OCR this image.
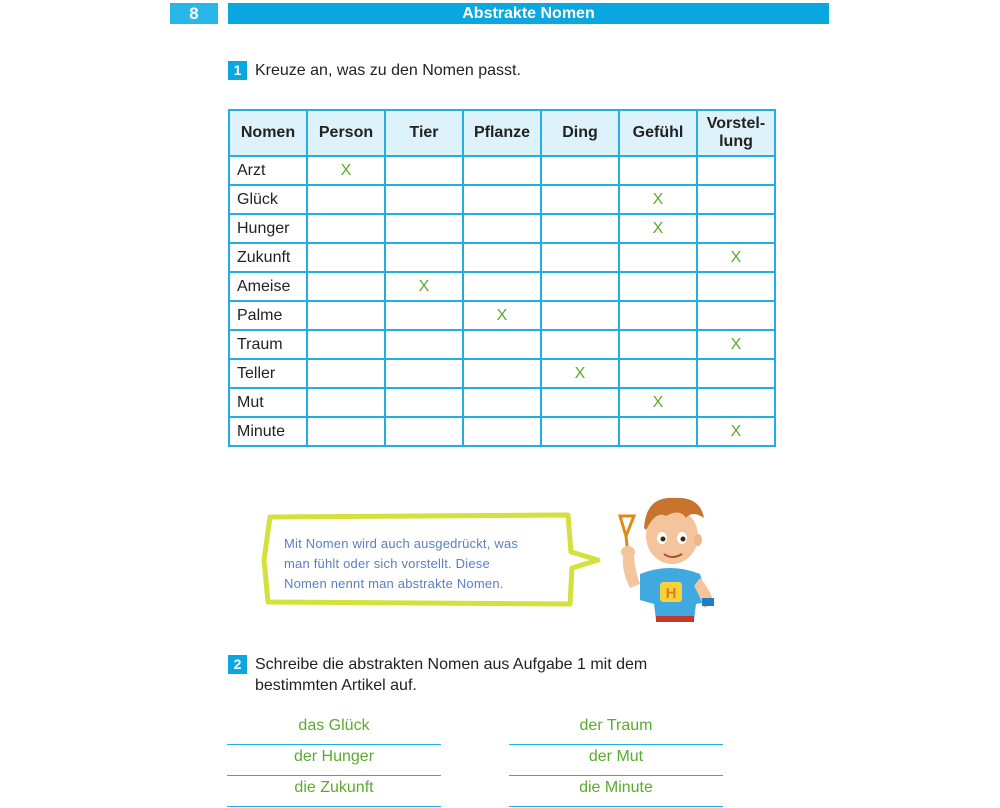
8	Abstrakte Nomen
1 Kreuze an, was zu den Nomen passt.
Nomen	Person	Tier	Pflanze	Ding	Gefühl	Vorstel-
lung
Arzt	X					
Glück					X	
Hunger					X	
Zukunft						X
Ameise		X				
Palme			X			
Traum						X
Teller				X		
Mut					X	
Minute						X
Mit Nomen wird auch ausgedrückt, was
man fühlt oder sich vorstellt. Diese
Nomen nennt man abstrakte Nomen.
H
2 Schreibe die abstrakten Nomen aus Aufgabe 1 mit dem
bestimmten Artikel auf.
das Glück
der Hunger
die Zukunft
der Traum
der Mut
die Minute
